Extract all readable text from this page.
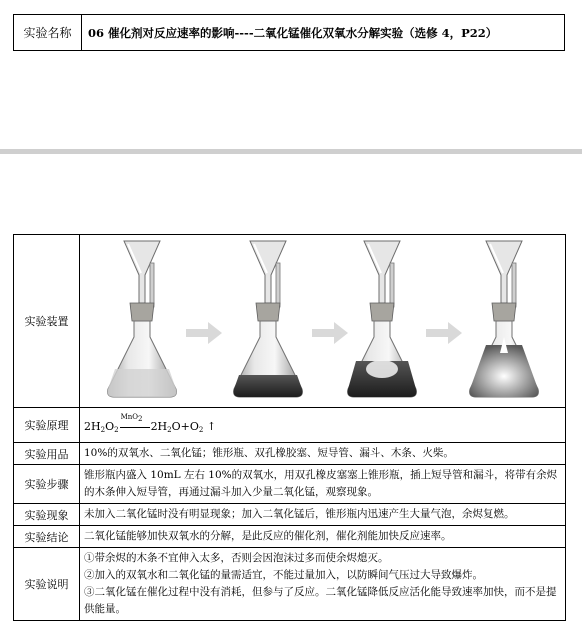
实验名称	06 催化剂对反应速率的影响----二氧化锰催化双氧水分解实验（选修 4，P22）
实验装置	

实验原理	$2H_2O_2$
MnO$_2$
$2H_2O+O_2$ ↑

实验用品	10%的双氧水、二氧化锰；锥形瓶、双孔橡胶塞、短导管、漏斗、木条、火柴。
实验步骤	锥形瓶内盛入 10mL 左右 10%的双氧水，用双孔橡皮塞塞上锥形瓶，插上短导管和漏斗，将带有余烬的木条伸入短导管，再通过漏斗加入少量二氧化锰，观察现象。
实验现象	未加入二氧化锰时没有明显现象；加入二氧化锰后，锥形瓶内迅速产生大量气泡，余烬复燃。
实验结论	二氧化锰能够加快双氧水的分解，是此反应的催化剂，催化剂能加快反应速率。
实验说明	①带余烬的木条不宜伸入太多，否则会因泡沫过多而使余烬熄灭。
②加入的双氧水和二氧化锰的量需适宜，不能过量加入，以防瞬间气压过大导致爆炸。
③二氧化锰在催化过程中没有消耗，但参与了反应。二氧化锰降低反应活化能导致速率加快，而不是提供能量。
